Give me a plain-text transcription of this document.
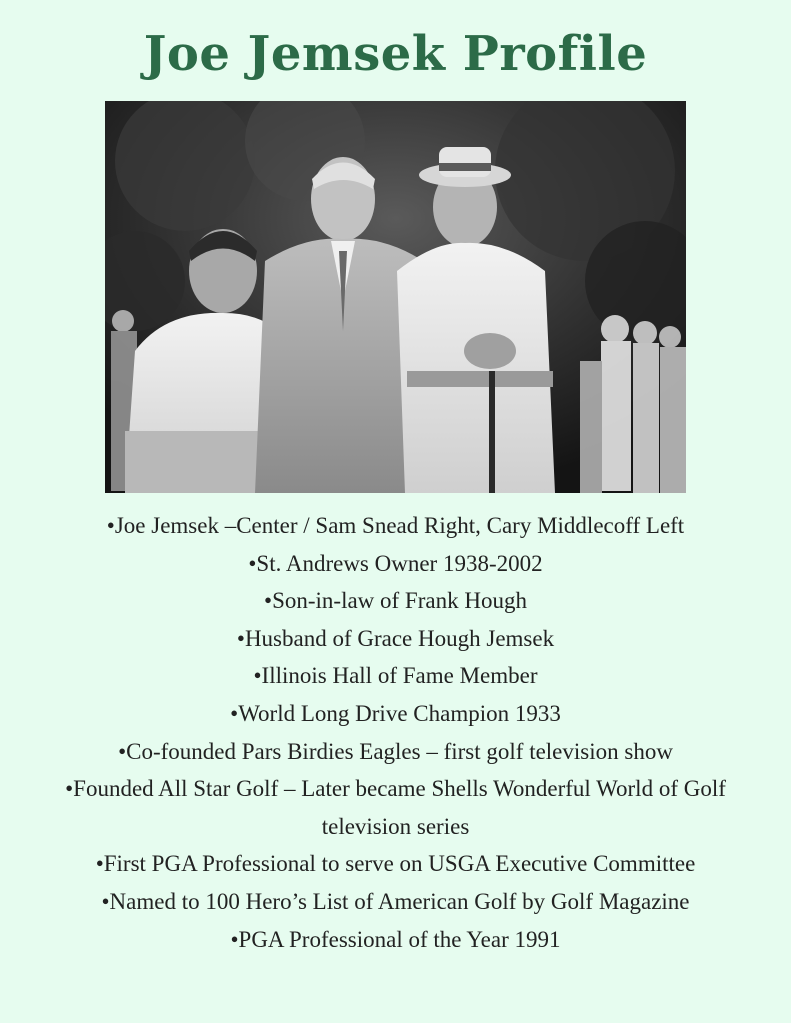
Joe Jemsek Profile
•Joe Jemsek –Center / Sam Snead Right, Cary Middlecoff Left
•St. Andrews Owner 1938-2002
•Son-in-law of Frank Hough
•Husband of Grace Hough Jemsek
•Illinois Hall of Fame Member
•World Long Drive Champion 1933
•Co-founded Pars Birdies Eagles – first golf television show
•Founded All Star Golf – Later became Shells Wonderful World of Golf television series
•First PGA Professional to serve on USGA Executive Committee
•Named to 100 Hero’s List of American Golf by Golf Magazine
•PGA Professional of the Year 1991
